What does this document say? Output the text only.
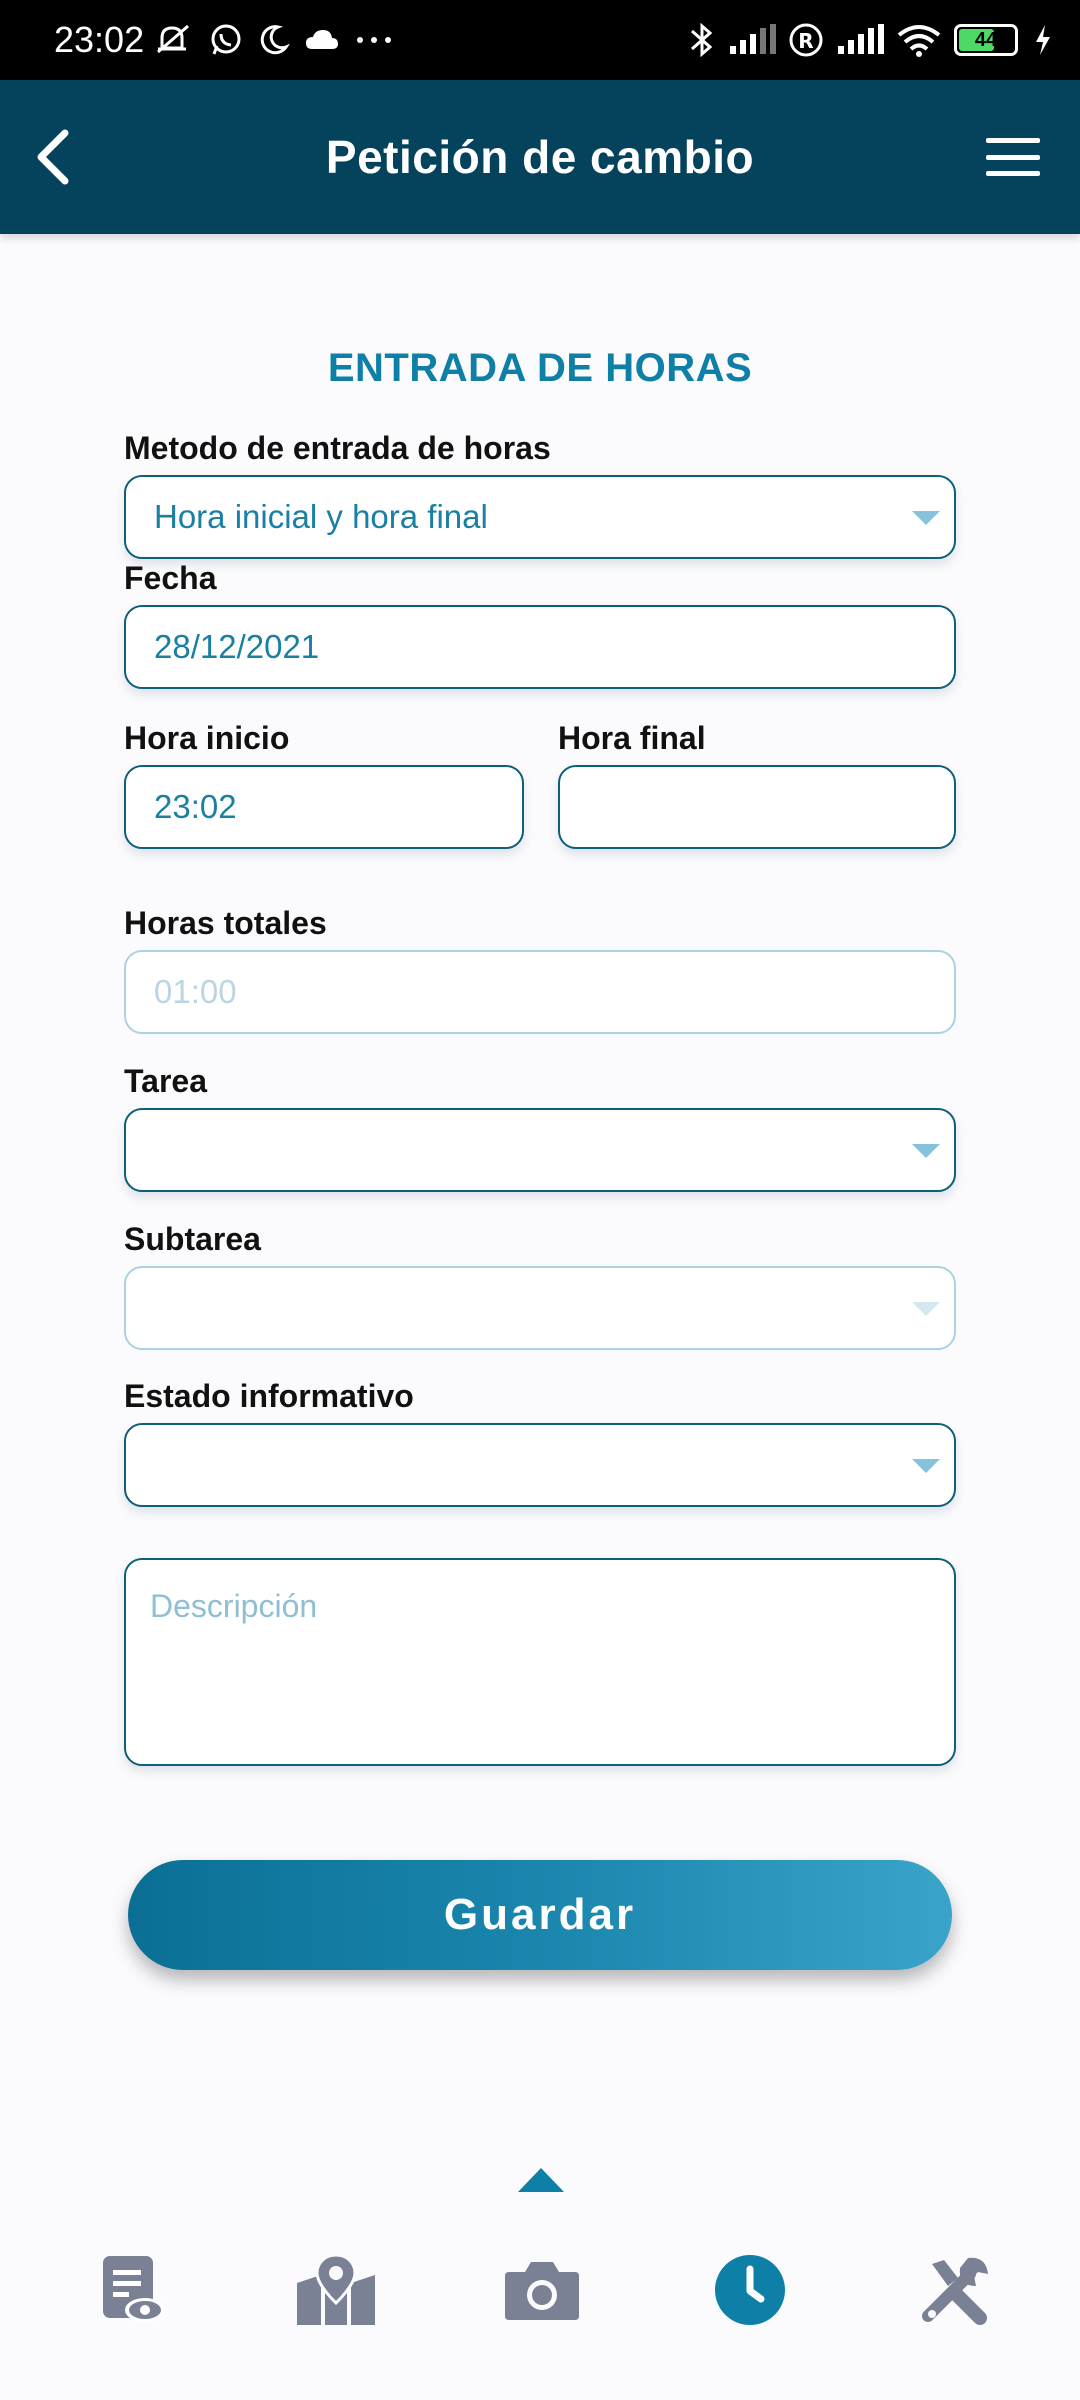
23:02	R	44
Petición de cambio
ENTRADA DE HORAS
Metodo de entrada de horas
Hora inicial y hora final
Fecha
28/12/2021
Hora inicio
23:02
Hora final
Horas totales
01:00
Tarea
Subtarea
Estado informativo
Descripción
Guardar
